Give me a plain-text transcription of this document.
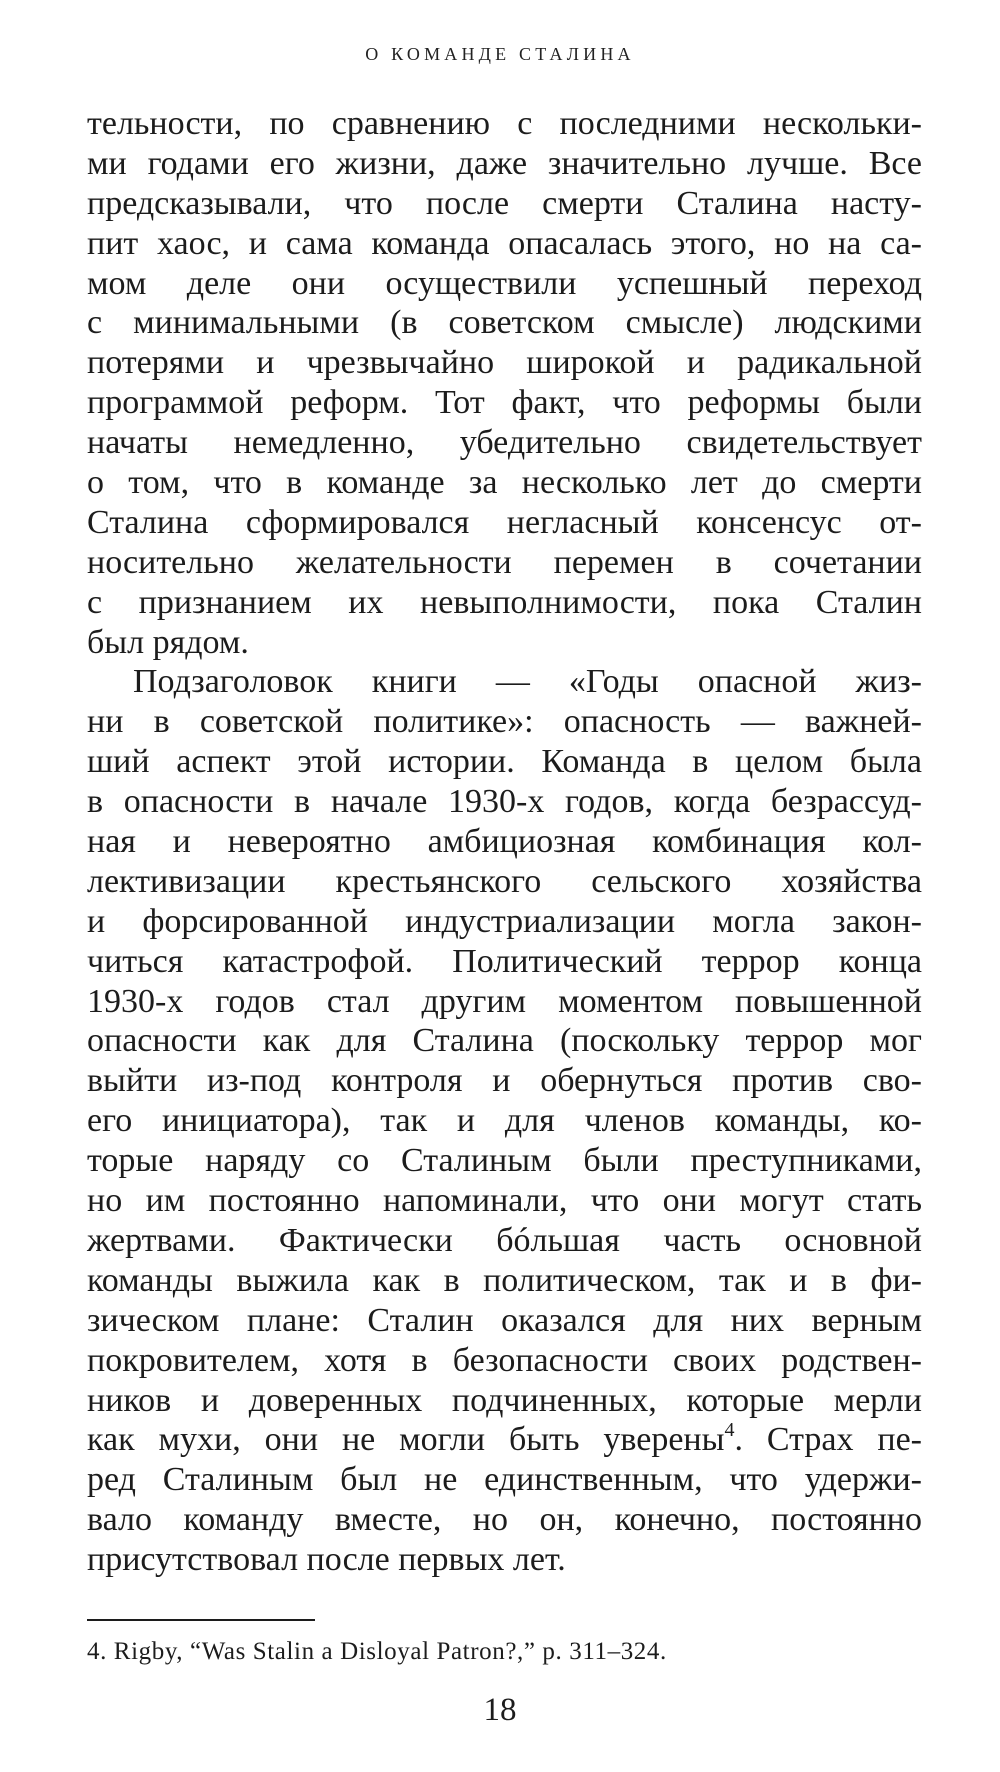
О КОМАНДЕ СТАЛИНА
тельности, по сравнению с последними нескольки-
ми годами его жизни, даже значительно лучше. Все
предсказывали, что после смерти Сталина насту-
пит хаос, и сама команда опасалась этого, но на са-
мом деле они осуществили успешный переход
с минимальными (в советском смысле) людскими
потерями и чрезвычайно широкой и радикальной
программой реформ. Тот факт, что реформы были
начаты немедленно, убедительно свидетельствует
о том, что в команде за несколько лет до смерти
Сталина сформировался негласный консенсус от-
носительно желательности перемен в сочетании
с признанием их невыполнимости, пока Сталин
был рядом.
Подзаголовок книги — «Годы опасной жиз-
ни в советской политике»: опасность — важней-
ший аспект этой истории. Команда в целом была
в опасности в начале 1930-х годов, когда безрассуд-
ная и невероятно амбициозная комбинация кол-
лективизации крестьянского сельского хозяйства
и форсированной индустриализации могла закон-
читься катастрофой. Политический террор конца
1930-х годов стал другим моментом повышенной
опасности как для Сталина (поскольку террор мог
выйти из-под контроля и обернуться против сво-
его инициатора), так и для членов команды, ко-
торые наряду со Сталиным были преступниками,
но им постоянно напоминали, что они могут стать
жертвами. Фактически бóльшая часть основной
команды выжила как в политическом, так и в фи-
зическом плане: Сталин оказался для них верным
покровителем, хотя в безопасности своих родствен-
ников и доверенных подчиненных, которые мерли
как мухи, они не могли быть уверены$^4$. Страх пе-
ред Сталиным был не единственным, что удержи-
вало команду вместе, но он, конечно, постоянно
присутствовал после первых лет.
4. Rigby, “Was Stalin a Disloyal Patron?,” p. 311–324.
18
